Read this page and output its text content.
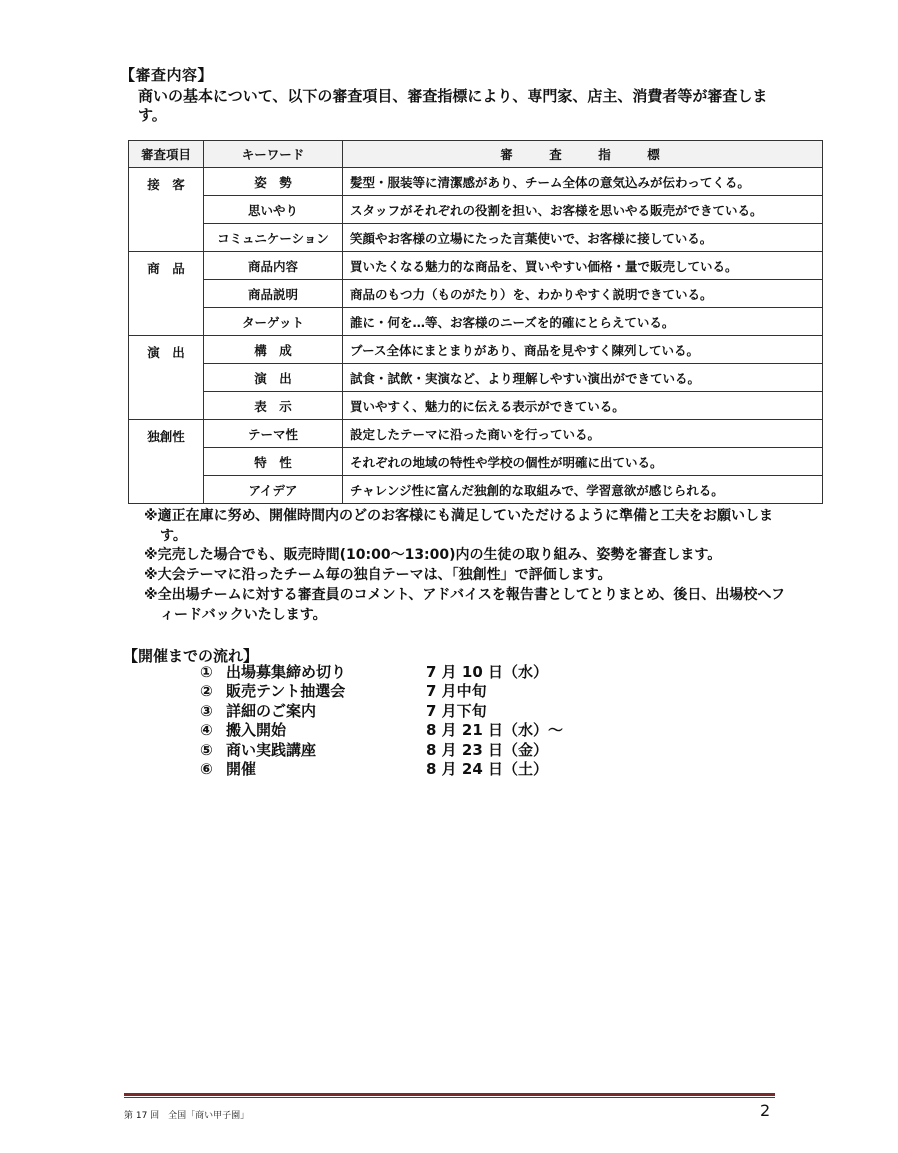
【審査内容】
商いの基本について、以下の審査項目、審査指標により、専門家、店主、消費者等が審査します。
審査項目	キーワード	審　査　指　標
接　客	姿　勢	髪型・服装等に清潔感があり、チーム全体の意気込みが伝わってくる。
	思いやり	スタッフがそれぞれの役割を担い、お客様を思いやる販売ができている。
	コミュニケーション	笑顔やお客様の立場にたった言葉使いで、お客様に接している。
商　品	商品内容	買いたくなる魅力的な商品を、買いやすい価格・量で販売している。
	商品説明	商品のもつ力（ものがたり）を、わかりやすく説明できている。
	ターゲット	誰に・何を…等、お客様のニーズを的確にとらえている。
演　出	構　成	ブース全体にまとまりがあり、商品を見やすく陳列している。
	演　出	試食・試飲・実演など、より理解しやすい演出ができている。
	表　示	買いやすく、魅力的に伝える表示ができている。
独創性	テーマ性	設定したテーマに沿った商いを行っている。
	特　性	それぞれの地域の特性や学校の個性が明確に出ている。
	アイデア	チャレンジ性に富んだ独創的な取組みで、学習意欲が感じられる。
※適正在庫に努め、開催時間内のどのお客様にも満足していただけるように準備と工夫をお願いします。
※完売した場合でも、販売時間(10:00～13:00)内の生徒の取り組み、姿勢を審査します。
※大会テーマに沿ったチーム毎の独自テーマは、「独創性」で評価します。
※全出場チームに対する審査員のコメント、アドバイスを報告書としてとりまとめ、後日、出場校へフィードバックいたします。
【開催までの流れ】
① 出場募集締め切り	7 月 10 日（水）
② 販売テント抽選会	7 月中旬
③ 詳細のご案内	7 月下旬
④ 搬入開始	8 月 21 日（水）～
⑤ 商い実践講座	8 月 23 日（金）
⑥ 開催	8 月 24 日（土）
第 17 回　全国「商い甲子園」	2
